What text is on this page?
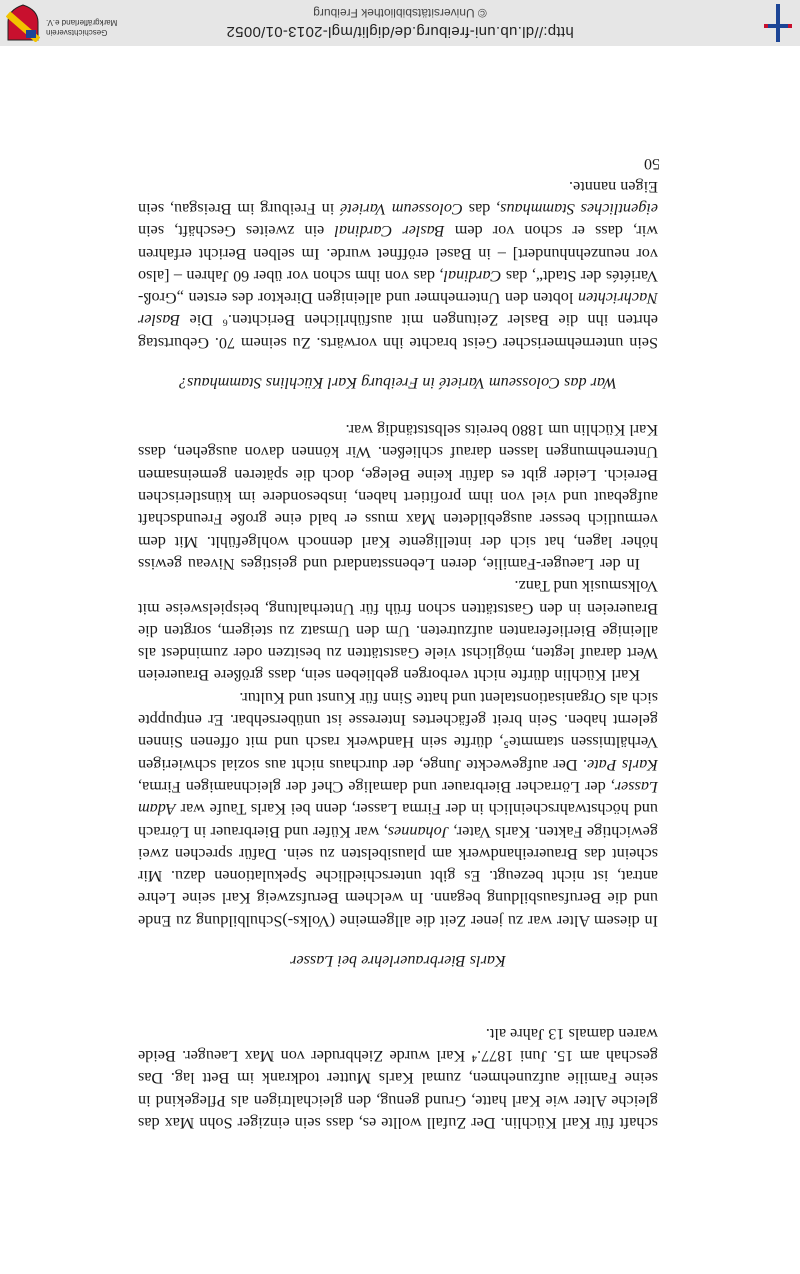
http://dl.ub.uni-freiburg.de/diglit/mgl-2013-01/0052
© Universitätsbibliothek Freiburg
Geschichtsverein Markgräflerland e.V.

schaft für Karl Küchlin. Der Zufall wollte es, dass sein einziger Sohn Max das gleiche Alter wie Karl hatte, Grund genug, den gleichaltrigen als Pflegekind in seine Familie aufzunehmen, zumal Karls Mutter todkrank im Bett lag. Das geschah am 15. Juni 1877.⁴ Karl wurde Ziehbruder von Max Laeuger. Beide waren damals 13 Jahre alt.

Karls Bierbrauerlehre bei Lasser

In diesem Alter war zu jener Zeit die allgemeine (Volks-)Schulbildung zu Ende und die Berufsausbildung begann. In welchem Berufszweig Karl seine Lehre antrat, ist nicht bezeugt. Es gibt unterschiedliche Spekulationen dazu. Mir scheint das Brauereihandwerk am plausibelsten zu sein. Dafür sprechen zwei gewichtige Fakten. Karls Vater, Johannes, war Küfer und Bierbrauer in Lörrach und höchstwahrscheinlich in der Firma Lasser, denn bei Karls Taufe war Adam Lasser, der Lörracher Bierbrauer und damalige Chef der gleichnamigen Firma, Karls Pate. Der aufgeweckte Junge, der durchaus nicht aus sozial schwierigen Verhältnissen stammte⁵, dürfte sein Handwerk rasch und mit offenen Sinnen gelernt haben. Sein breit gefächertes Interesse ist unübersehbar. Er entpuppte sich als Organisationstalent und hatte Sinn für Kunst und Kultur.

Karl Küchlin dürfte nicht verborgen geblieben sein, dass größere Brauereien Wert darauf legten, möglichst viele Gaststätten zu besitzen oder zumindest als alleinige Bierlieferanten aufzutreten. Um den Umsatz zu steigern, sorgten die Brauereien in den Gaststätten schon früh für Unterhaltung, beispielsweise mit Volksmusik und Tanz.

In der Laeuger-Familie, deren Lebensstandard und geistiges Niveau gewiss höher lagen, hat sich der intelligente Karl dennoch wohlgefühlt. Mit dem vermutlich besser ausgebildeten Max muss er bald eine große Freundschaft aufgebaut und viel von ihm profitiert haben, insbesondere im künstlerischen Bereich. Leider gibt es dafür keine Belege, doch die späteren gemeinsamen Unternehmungen lassen darauf schließen. Wir können davon ausgehen, dass Karl Küchlin um 1880 bereits selbstständig war.

War das Colosseum Varieté in Freiburg Karl Küchlins Stammhaus?

Sein unternehmerischer Geist brachte ihn vorwärts. Zu seinem 70. Geburtstag ehrten ihn die Basler Zeitungen mit ausführlichen Berichten.⁶ Die Basler Nachrichten lobten den Unternehmer und alleinigen Direktor des ersten „Groß-Variétés der Stadt“, das Cardinal, das von ihm schon vor über 60 Jahren – [also vor neunzehnhundert] – in Basel eröffnet wurde. Im selben Bericht erfahren wir, dass er schon vor dem Basler Cardinal ein zweites Geschäft, sein eigentliches Stammhaus, das Colosseum Varieté in Freiburg im Breisgau, sein Eigen nannte.

50
